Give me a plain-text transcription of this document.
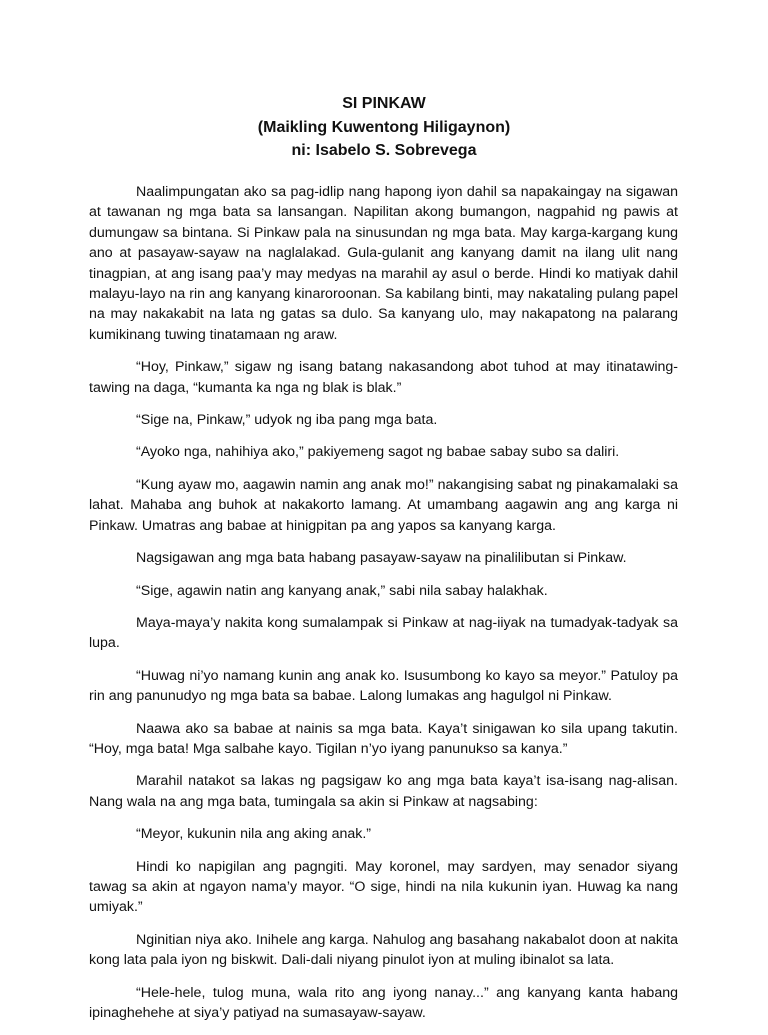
SI PINKAW

(Maikling Kuwentong Hiligaynon)

ni: Isabelo S. Sobrevega

Naalimpungatan ako sa pag-idlip nang hapong iyon dahil sa napakaingay na sigawan at tawanan ng mga bata sa lansangan. Napilitan akong bumangon, nagpahid ng pawis at dumungaw sa bintana. Si Pinkaw pala na sinusundan ng mga bata. May karga-kargang kung ano at pasayaw-sayaw na naglalakad. Gula-gulanit ang kanyang damit na ilang ulit nang tinagpian, at ang isang paa’y may medyas na marahil ay asul o berde. Hindi ko matiyak dahil malayu-layo na rin ang kanyang kinaroroonan. Sa kabilang binti, may nakataling pulang papel na may nakakabit na lata ng gatas sa dulo. Sa kanyang ulo, may nakapatong na palarang kumikinang tuwing tinatamaan ng araw.

“Hoy, Pinkaw,” sigaw ng isang batang nakasandong abot tuhod at may itinatawing-tawing na daga, “kumanta ka nga ng blak is blak.”

“Sige na, Pinkaw,” udyok ng iba pang mga bata.

“Ayoko nga, nahihiya ako,” pakiyemeng sagot ng babae sabay subo sa daliri.

“Kung ayaw mo, aagawin namin ang anak mo!” nakangising sabat ng pinakamalaki sa lahat. Mahaba ang buhok at nakakorto lamang. At umambang aagawin ang ang karga ni Pinkaw. Umatras ang babae at hinigpitan pa ang yapos sa kanyang karga.

Nagsigawan ang mga bata habang pasayaw-sayaw na pinalilibutan si Pinkaw.

“Sige, agawin natin ang kanyang anak,” sabi nila sabay halakhak.

Maya-maya’y nakita kong sumalampak si Pinkaw at nag-iiyak na tumadyak-tadyak sa lupa.

“Huwag ni’yo namang kunin ang anak ko. Isusumbong ko kayo sa meyor.” Patuloy pa rin ang panunudyo ng mga bata sa babae. Lalong lumakas ang hagulgol ni Pinkaw.

Naawa ako sa babae at nainis sa mga bata. Kaya’t sinigawan ko sila upang takutin. “Hoy, mga bata! Mga salbahe kayo. Tigilan n’yo iyang panunukso sa kanya.”

Marahil natakot sa lakas ng pagsigaw ko ang mga bata kaya’t isa-isang nag-alisan. Nang wala na ang mga bata, tumingala sa akin si Pinkaw at nagsabing:

“Meyor, kukunin nila ang aking anak.”

Hindi ko napigilan ang pagngiti. May koronel, may sardyen, may senador siyang tawag sa akin at ngayon nama’y mayor. “O sige, hindi na nila kukunin iyan. Huwag ka nang umiyak.”

Nginitian niya ako. Inihele ang karga. Nahulog ang basahang nakabalot doon at nakita kong lata pala iyon ng biskwit. Dali-dali niyang pinulot iyon at muling ibinalot sa lata.

“Hele-hele, tulog muna, wala rito ang iyong nanay...” ang kanyang kanta habang ipinaghehehe at siya’y patiyad na sumasayaw-sayaw.
